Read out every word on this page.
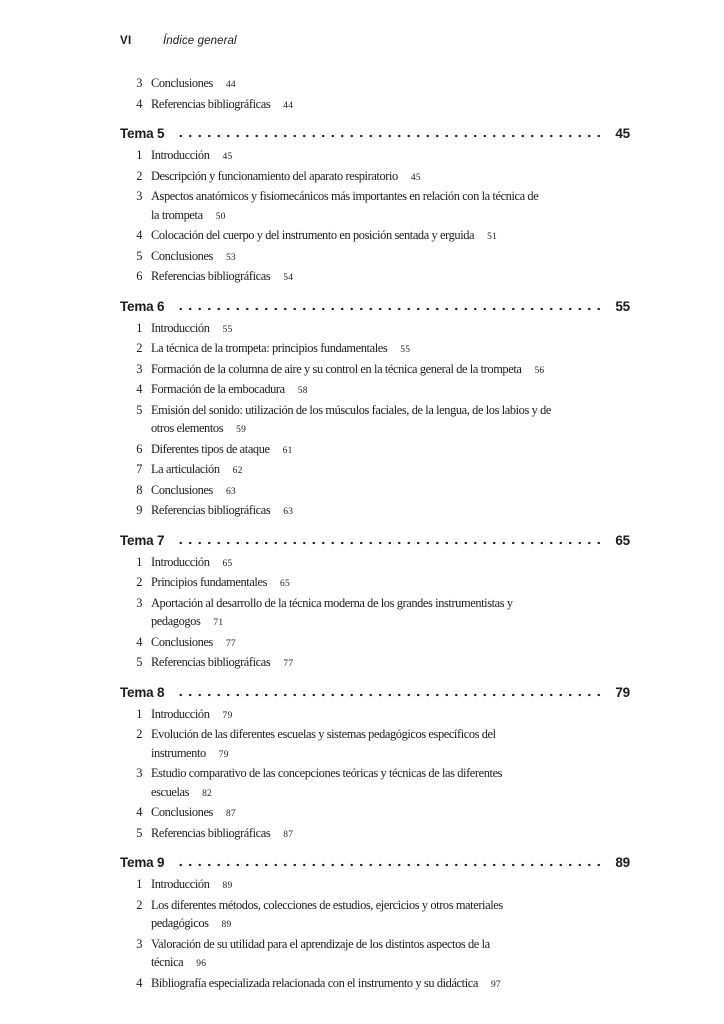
VI	Índice general
3 Conclusiones 44
4 Referencias bibliográficas 44
Tema 5	45
1 Introducción 45
2 Descripción y funcionamiento del aparato respiratorio 45
3 Aspectos anatómicos y fisiomecánicos más importantes en relación con la técnica de
la trompeta 50
4 Colocación del cuerpo y del instrumento en posición sentada y erguida 51
5 Conclusiones 53
6 Referencias bibliográficas 54
Tema 6	55
1 Introducción 55
2 La técnica de la trompeta: principios fundamentales 55
3 Formación de la columna de aire y su control en la técnica general de la trompeta 56
4 Formación de la embocadura 58
5 Emisión del sonido: utilización de los músculos faciales, de la lengua, de los labios y de
otros elementos 59
6 Diferentes tipos de ataque 61
7 La articulación 62
8 Conclusiones 63
9 Referencias bibliográficas 63
Tema 7	65
1 Introducción 65
2 Principios fundamentales 65
3 Aportación al desarrollo de la técnica moderna de los grandes instrumentistas y
pedagogos 71
4 Conclusiones 77
5 Referencias bibliográficas 77
Tema 8	79
1 Introducción 79
2 Evolución de las diferentes escuelas y sistemas pedagógicos específicos del
instrumento 79
3 Estudio comparativo de las concepciones teóricas y técnicas de las diferentes
escuelas 82
4 Conclusiones 87
5 Referencias bibliográficas 87
Tema 9	89
1 Introducción 89
2 Los diferentes métodos, colecciones de estudios, ejercicios y otros materiales
pedagógicos 89
3 Valoración de su utilidad para el aprendizaje de los distintos aspectos de la
técnica 96
4 Bibliografía especializada relacionada con el instrumento y su didáctica 97
